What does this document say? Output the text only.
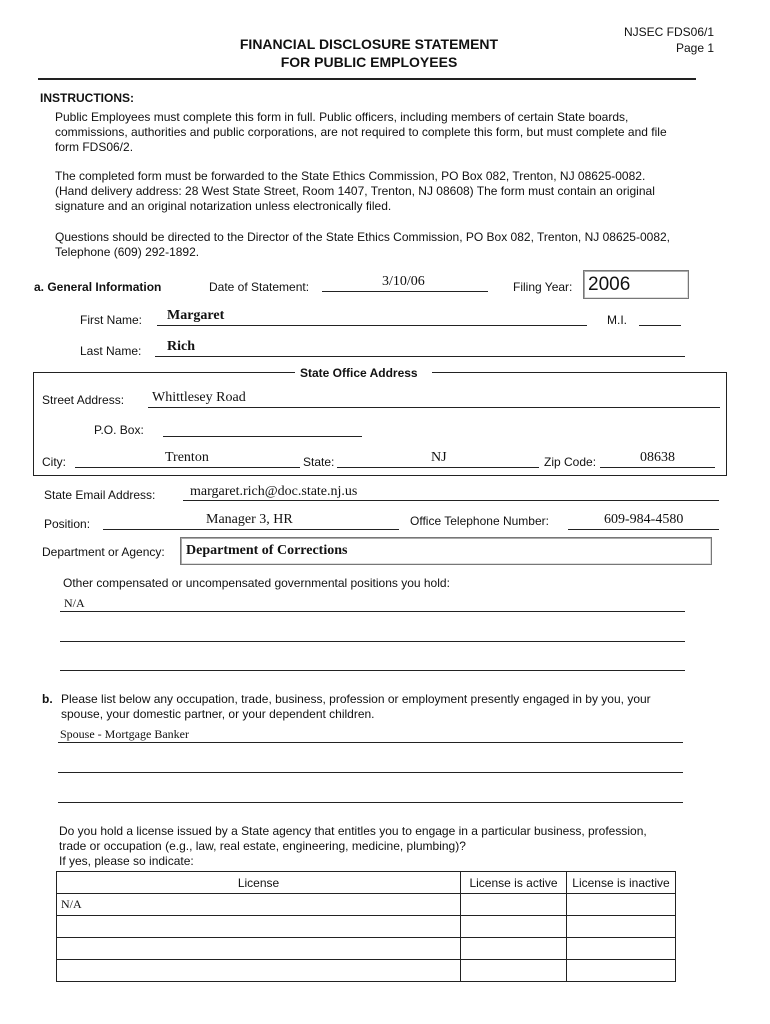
NJSEC FDS06/1
Page 1
FINANCIAL DISCLOSURE STATEMENT
FOR PUBLIC EMPLOYEES
INSTRUCTIONS:
Public Employees must complete this form in full. Public officers, including members of certain State boards,
commissions, authorities and public corporations, are not required to complete this form, but must complete and file
form FDS06/2.
The completed form must be forwarded to the State Ethics Commission, PO Box 082, Trenton, NJ 08625-0082.
(Hand delivery address: 28 West State Street, Room 1407, Trenton, NJ 08608) The form must contain an original
signature and an original notarization unless electronically filed.
Questions should be directed to the Director of the State Ethics Commission, PO Box 082, Trenton, NJ 08625-0082,
Telephone (609) 292-1892.
a. General Information	Date of Statement:	3/10/06	Filing Year: 2006
First Name: Margaret	M.I.
Last Name: Rich
State Office Address
Street Address: Whittlesey Road
P.O. Box:
City:	Trenton	State:	NJ	Zip Code:	08638
State Email Address: margaret.rich@doc.state.nj.us
Position:	Manager 3, HR	Office Telephone Number:	609-984-4580
Department or Agency: Department of Corrections
Other compensated or uncompensated governmental positions you hold:
N/A
b. Please list below any occupation, trade, business, profession or employment presently engaged in by you, your
spouse, your domestic partner, or your dependent children.
Spouse - Mortgage Banker
Do you hold a license issued by a State agency that entitles you to engage in a particular business, profession,
trade or occupation (e.g., law, real estate, engineering, medicine, plumbing)?
If yes, please so indicate:
License	License is active	License is inactive
N/A		
